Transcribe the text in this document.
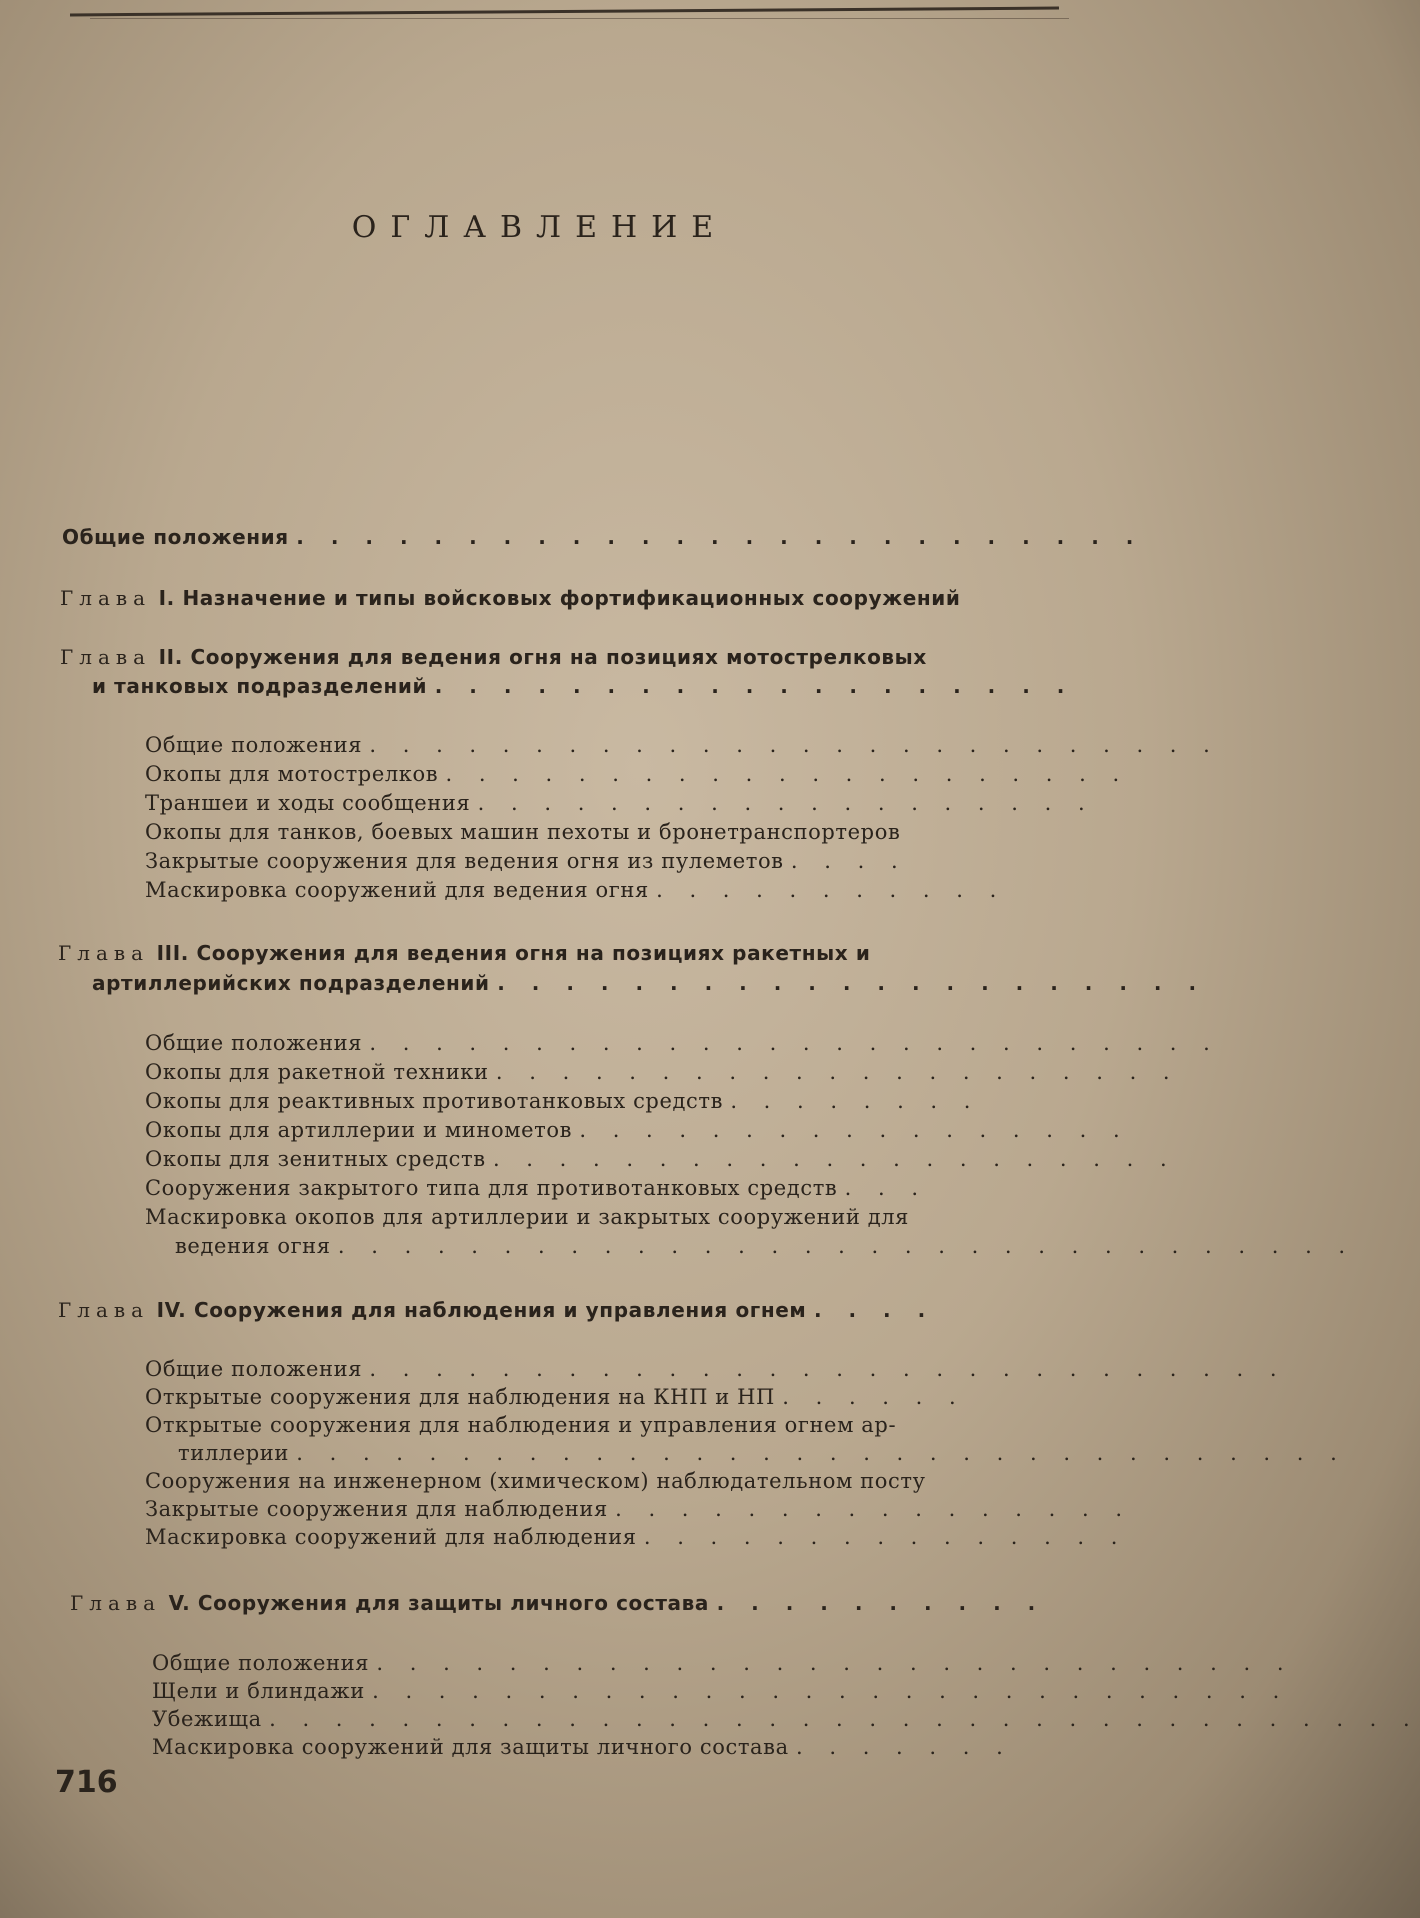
ОГЛАВЛЕНИЕ
Общие положения . . . . . . . . . . . . . . . . . . . . . . . . .
Глава I. Назначение и типы войсковых фортификационных сооружений
Глава II. Сооружения для ведения огня на позициях мотострелковых
и танковых подразделений . . . . . . . . . . . . . . . . . . .
Общие положения . . . . . . . . . . . . . . . . . . . . . . . . . .
Окопы для мотострелков . . . . . . . . . . . . . . . . . . . . .
Траншеи и ходы сообщения . . . . . . . . . . . . . . . . . . .
Окопы для танков, боевых машин пехоты и бронетранспортеров
Закрытые сооружения для ведения огня из пулеметов . . . .
Маскировка сооружений для ведения огня . . . . . . . . . . .
Глава III. Сооружения для ведения огня на позициях ракетных и
артиллерийских подразделений . . . . . . . . . . . . . . . . . . . . .
Общие положения . . . . . . . . . . . . . . . . . . . . . . . . . .
Окопы для ракетной техники . . . . . . . . . . . . . . . . . . . . .
Окопы для реактивных противотанковых средств . . . . . . . .
Окопы для артиллерии и минометов . . . . . . . . . . . . . . . . .
Окопы для зенитных средств . . . . . . . . . . . . . . . . . . . . .
Сооружения закрытого типа для противотанковых средств . . .
Маскировка окопов для артиллерии и закрытых сооружений для
ведения огня . . . . . . . . . . . . . . . . . . . . . . . . . . . . . . .
Глава IV. Сооружения для наблюдения и управления огнем . . . .
Общие положения . . . . . . . . . . . . . . . . . . . . . . . . . . . .
Открытые сооружения для наблюдения на КНП и НП . . . . . .
Открытые сооружения для наблюдения и управления огнем ар-
тиллерии . . . . . . . . . . . . . . . . . . . . . . . . . . . . . . . .
Сооружения на инженерном (химическом) наблюдательном посту
Закрытые сооружения для наблюдения . . . . . . . . . . . . . . . .
Маскировка сооружений для наблюдения . . . . . . . . . . . . . . .
Глава V. Сооружения для защиты личного состава . . . . . . . . . .
Общие положения . . . . . . . . . . . . . . . . . . . . . . . . . . . .
Щели и блиндажи . . . . . . . . . . . . . . . . . . . . . . . . . . . .
Убежища . . . . . . . . . . . . . . . . . . . . . . . . . . . . . . . . . . .
Маскировка сооружений для защиты личного состава . . . . . . .
716
